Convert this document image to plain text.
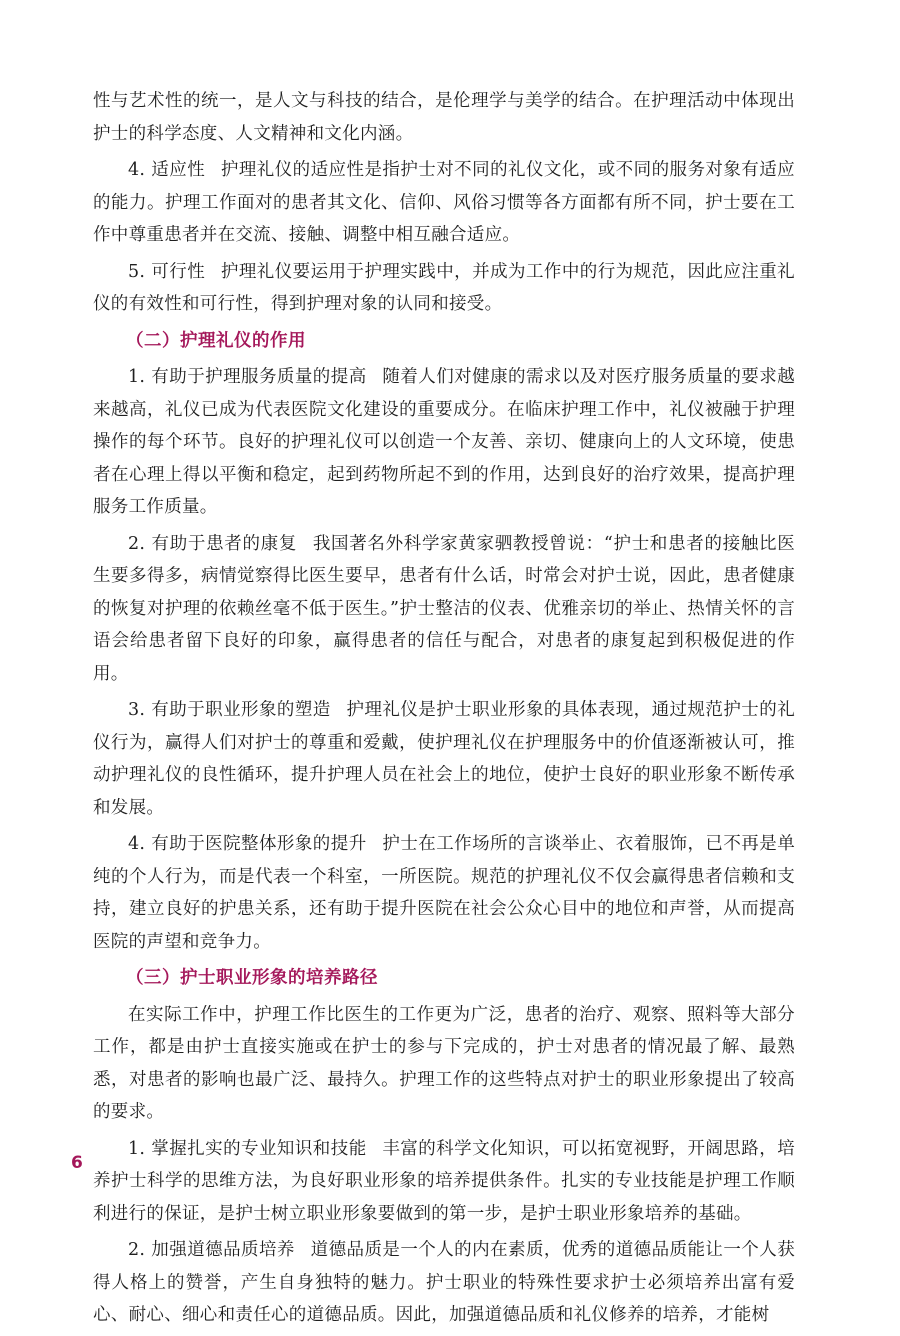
性与艺术性的统一，是人文与科技的结合，是伦理学与美学的结合。在护理活动中体现出护士的科学态度、人文精神和文化内涵。

4. 适应性 护理礼仪的适应性是指护士对不同的礼仪文化，或不同的服务对象有适应的能力。护理工作面对的患者其文化、信仰、风俗习惯等各方面都有所不同，护士要在工作中尊重患者并在交流、接触、调整中相互融合适应。

5. 可行性 护理礼仪要运用于护理实践中，并成为工作中的行为规范，因此应注重礼仪的有效性和可行性，得到护理对象的认同和接受。

（二）护理礼仪的作用

1. 有助于护理服务质量的提高 随着人们对健康的需求以及对医疗服务质量的要求越来越高，礼仪已成为代表医院文化建设的重要成分。在临床护理工作中，礼仪被融于护理操作的每个环节。良好的护理礼仪可以创造一个友善、亲切、健康向上的人文环境，使患者在心理上得以平衡和稳定，起到药物所起不到的作用，达到良好的治疗效果，提高护理服务工作质量。

2. 有助于患者的康复 我国著名外科学家黄家驷教授曾说：“护士和患者的接触比医生要多得多，病情觉察得比医生要早，患者有什么话，时常会对护士说，因此，患者健康的恢复对护理的依赖丝毫不低于医生。”护士整洁的仪表、优雅亲切的举止、热情关怀的言语会给患者留下良好的印象，赢得患者的信任与配合，对患者的康复起到积极促进的作用。

3. 有助于职业形象的塑造 护理礼仪是护士职业形象的具体表现，通过规范护士的礼仪行为，赢得人们对护士的尊重和爱戴，使护理礼仪在护理服务中的价值逐渐被认可，推动护理礼仪的良性循环，提升护理人员在社会上的地位，使护士良好的职业形象不断传承和发展。

4. 有助于医院整体形象的提升 护士在工作场所的言谈举止、衣着服饰，已不再是单纯的个人行为，而是代表一个科室，一所医院。规范的护理礼仪不仅会赢得患者信赖和支持，建立良好的护患关系，还有助于提升医院在社会公众心目中的地位和声誉，从而提高医院的声望和竞争力。

（三）护士职业形象的培养路径

在实际工作中，护理工作比医生的工作更为广泛，患者的治疗、观察、照料等大部分工作，都是由护士直接实施或在护士的参与下完成的，护士对患者的情况最了解、最熟悉，对患者的影响也最广泛、最持久。护理工作的这些特点对护士的职业形象提出了较高的要求。

1. 掌握扎实的专业知识和技能 丰富的科学文化知识，可以拓宽视野，开阔思路，培养护士科学的思维方法，为良好职业形象的培养提供条件。扎实的专业技能是护理工作顺利进行的保证，是护士树立职业形象要做到的第一步，是护士职业形象培养的基础。

2. 加强道德品质培养 道德品质是一个人的内在素质，优秀的道德品质能让一个人获得人格上的赞誉，产生自身独特的魅力。护士职业的特殊性要求护士必须培养出富有爱心、耐心、细心和责任心的道德品质。因此，加强道德品质和礼仪修养的培养，才能树

6
